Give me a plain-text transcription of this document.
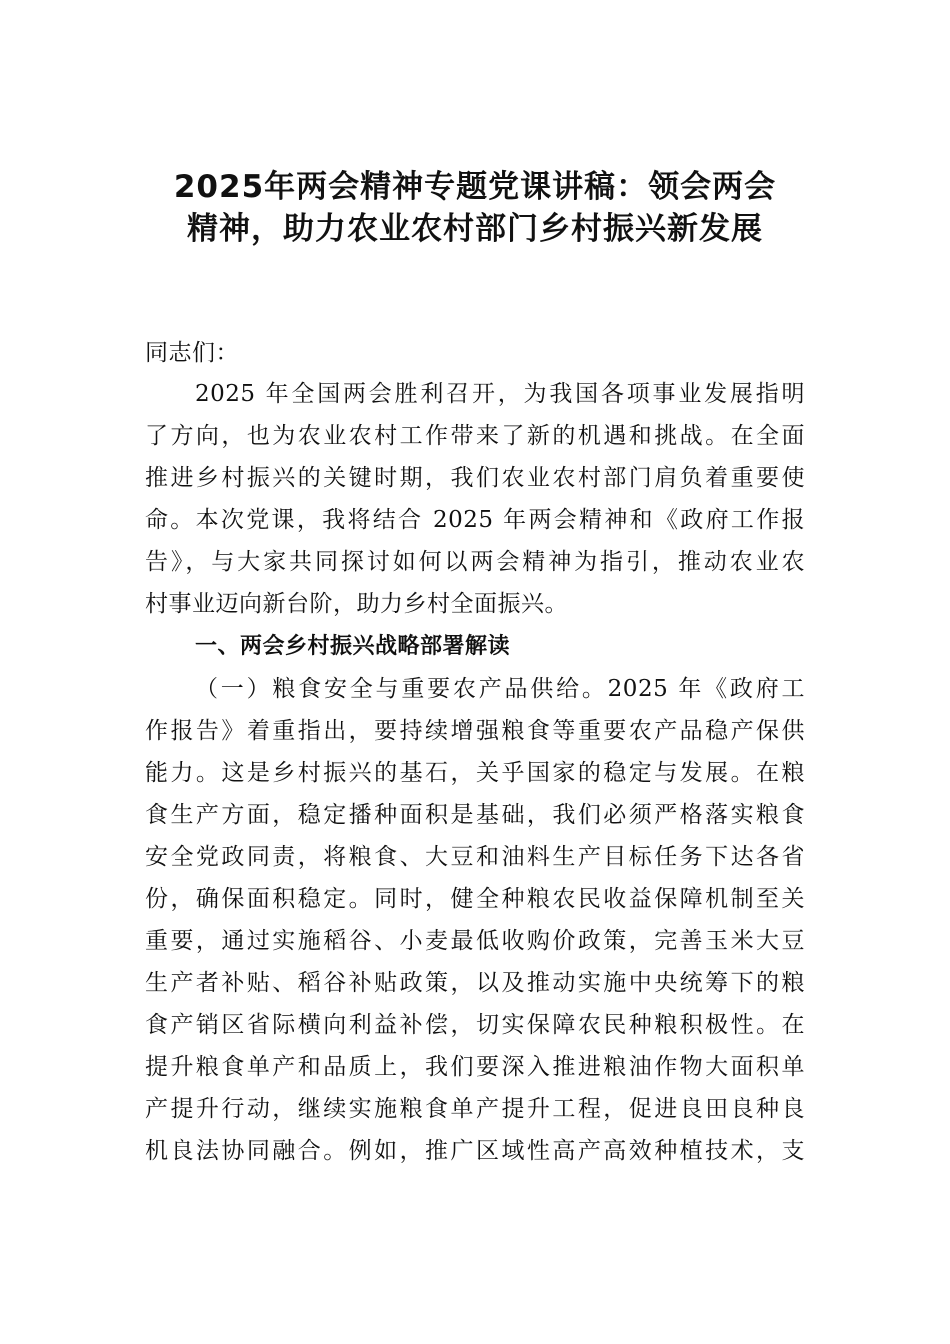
2025年两会精神专题党课讲稿：领会两会
精神，助力农业农村部门乡村振兴新发展
同志们：
2025 年全国两会胜利召开，为我国各项事业发展指明
了方向，也为农业农村工作带来了新的机遇和挑战。在全面
推进乡村振兴的关键时期，我们农业农村部门肩负着重要使
命。本次党课，我将结合 2025 年两会精神和《政府工作报
告》，与大家共同探讨如何以两会精神为指引，推动农业农
村事业迈向新台阶，助力乡村全面振兴。
一、两会乡村振兴战略部署解读
（一）粮食安全与重要农产品供给。2025 年《政府工
作报告》着重指出，要持续增强粮食等重要农产品稳产保供
能力。这是乡村振兴的基石，关乎国家的稳定与发展。在粮
食生产方面，稳定播种面积是基础，我们必须严格落实粮食
安全党政同责，将粮食、大豆和油料生产目标任务下达各省
份，确保面积稳定。同时，健全种粮农民收益保障机制至关
重要，通过实施稻谷、小麦最低收购价政策，完善玉米大豆
生产者补贴、稻谷补贴政策，以及推动实施中央统筹下的粮
食产销区省际横向利益补偿，切实保障农民种粮积极性。在
提升粮食单产和品质上，我们要深入推进粮油作物大面积单
产提升行动，继续实施粮食单产提升工程，促进良田良种良
机良法协同融合。例如，推广区域性高产高效种植技术，支
